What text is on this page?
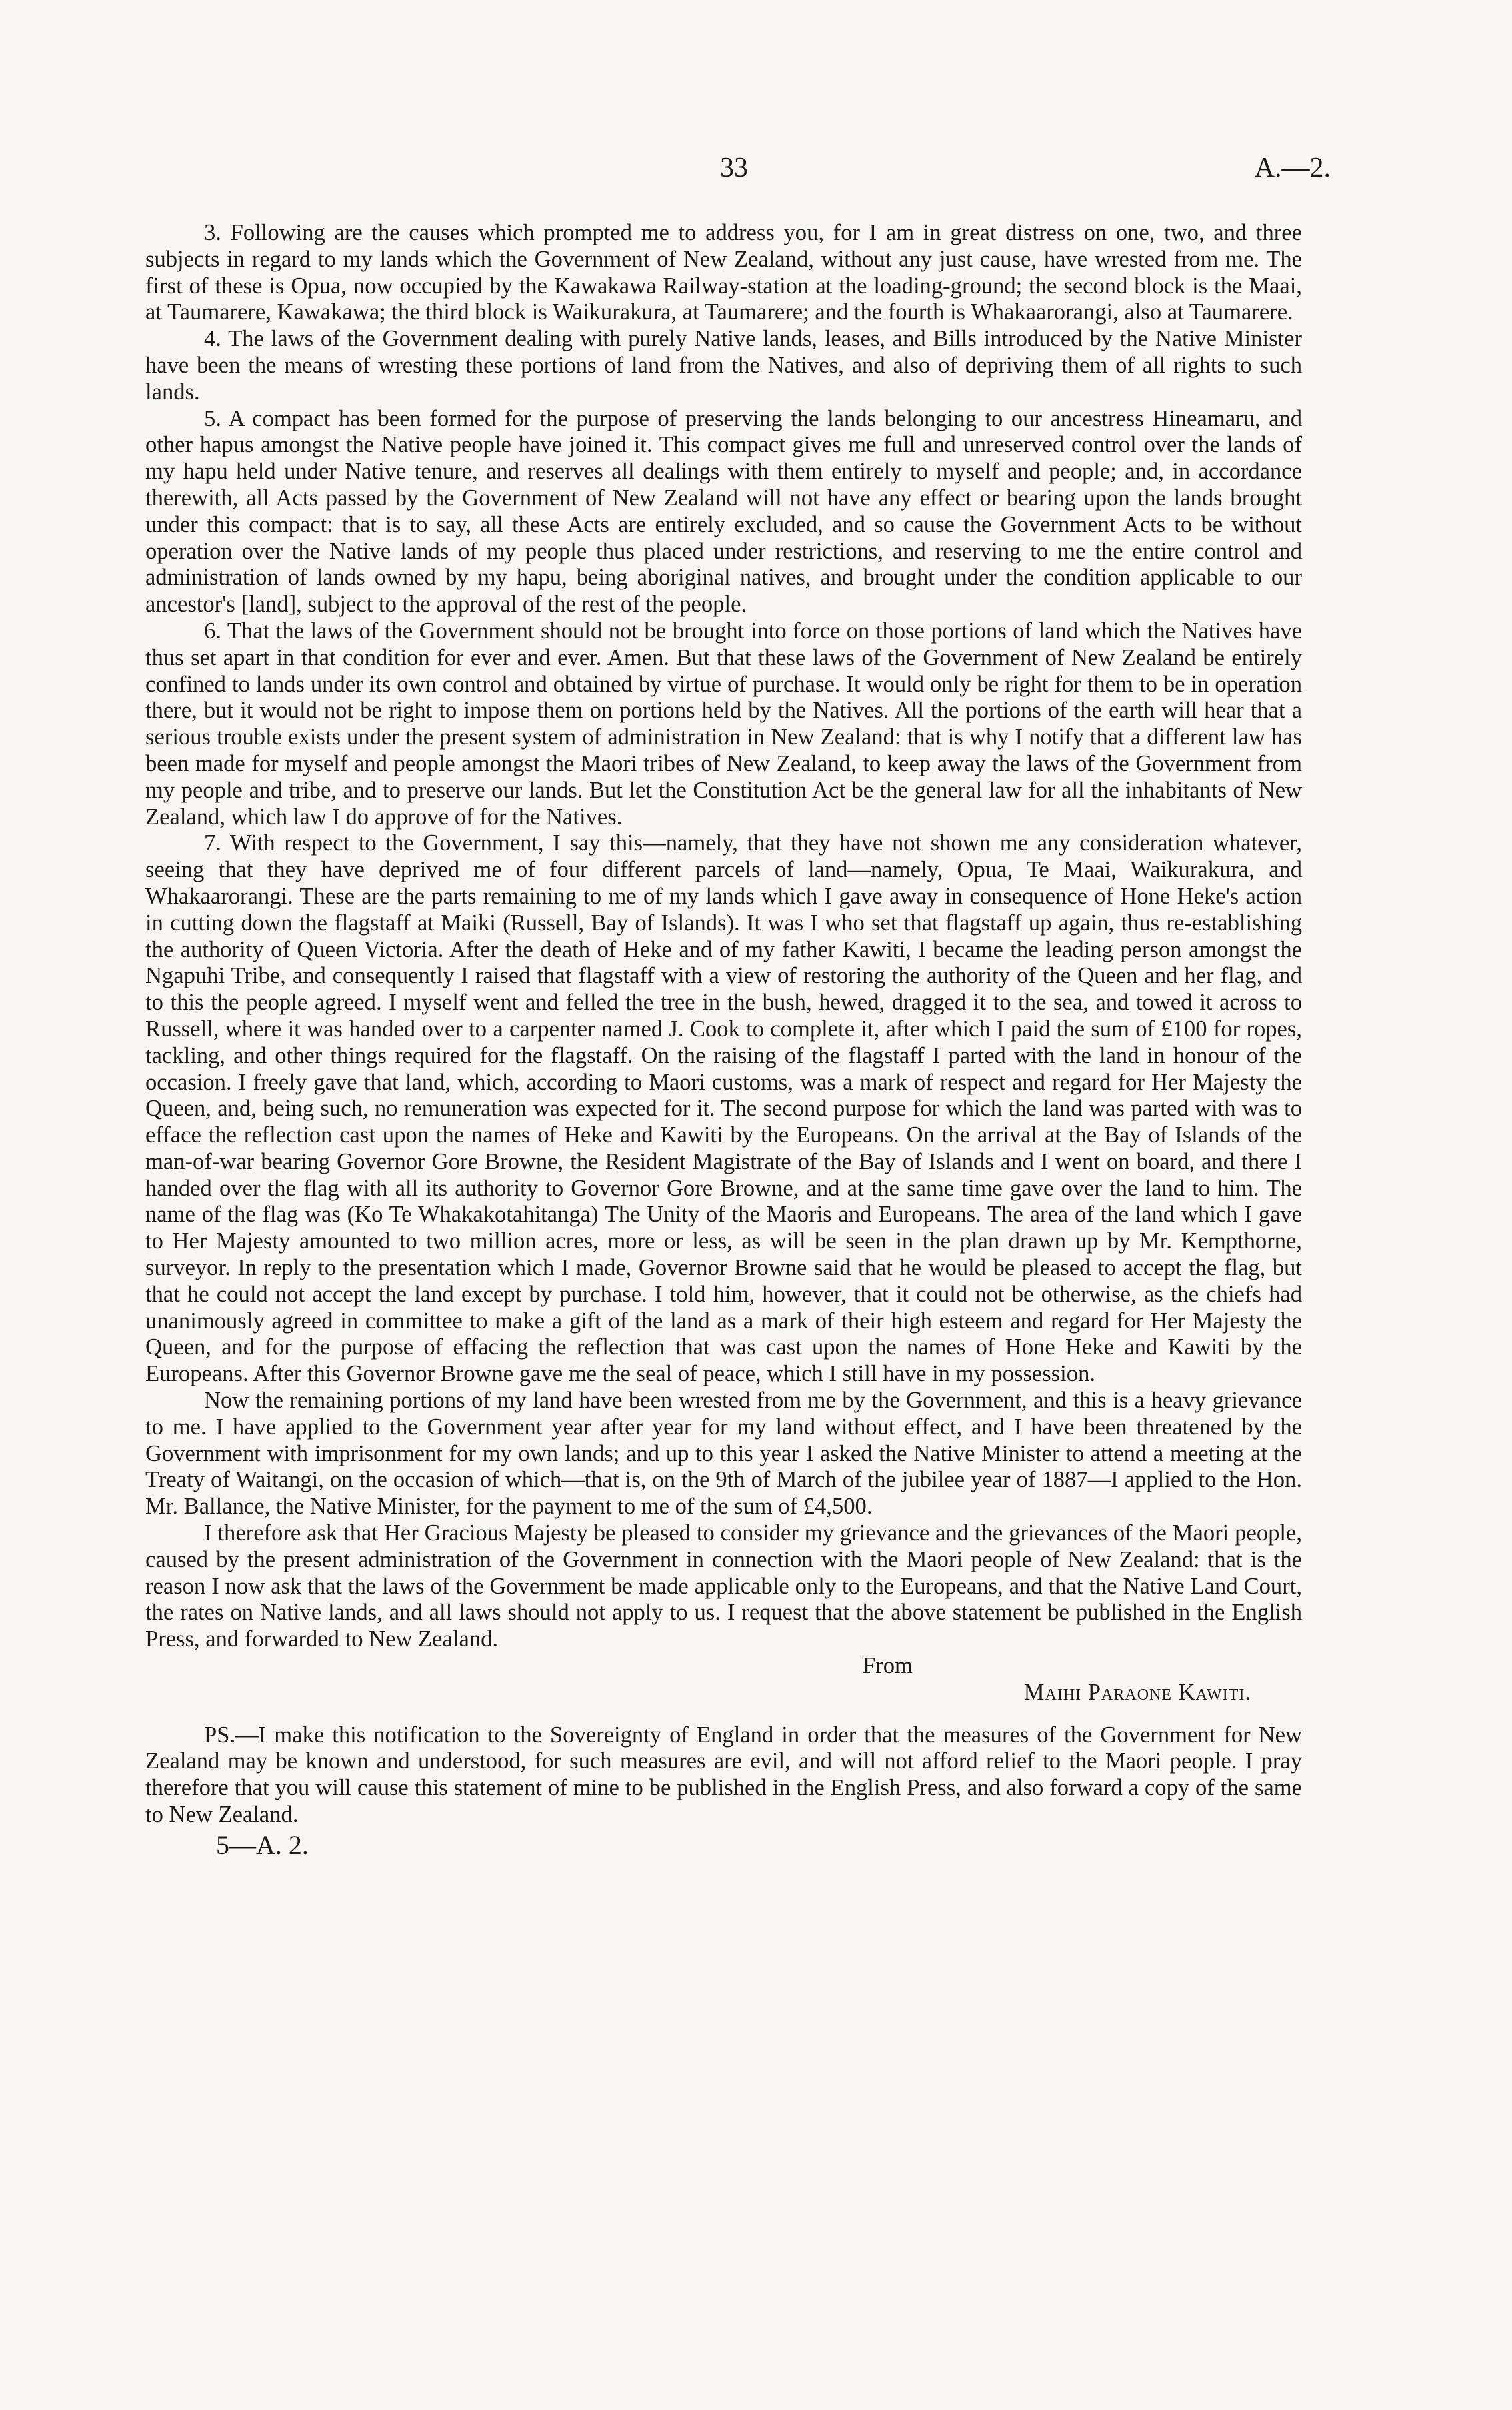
33	A.—2.

3. Following are the causes which prompted me to address you, for I am in great distress on one, two, and three subjects in regard to my lands which the Government of New Zealand, without any just cause, have wrested from me. The first of these is Opua, now occupied by the Kawakawa Railway-station at the loading-ground; the second block is the Maai, at Taumarere, Kawakawa; the third block is Waikurakura, at Taumarere; and the fourth is Whakaarorangi, also at Taumarere.

4. The laws of the Government dealing with purely Native lands, leases, and Bills introduced by the Native Minister have been the means of wresting these portions of land from the Natives, and also of depriving them of all rights to such lands.

5. A compact has been formed for the purpose of preserving the lands belonging to our ancestress Hineamaru, and other hapus amongst the Native people have joined it. This compact gives me full and unreserved control over the lands of my hapu held under Native tenure, and reserves all dealings with them entirely to myself and people; and, in accordance therewith, all Acts passed by the Government of New Zealand will not have any effect or bearing upon the lands brought under this compact: that is to say, all these Acts are entirely excluded, and so cause the Government Acts to be without operation over the Native lands of my people thus placed under restrictions, and reserving to me the entire control and administration of lands owned by my hapu, being aboriginal natives, and brought under the condition applicable to our ancestor's [land], subject to the approval of the rest of the people.

6. That the laws of the Government should not be brought into force on those portions of land which the Natives have thus set apart in that condition for ever and ever. Amen. But that these laws of the Government of New Zealand be entirely confined to lands under its own control and obtained by virtue of purchase. It would only be right for them to be in operation there, but it would not be right to impose them on portions held by the Natives. All the portions of the earth will hear that a serious trouble exists under the present system of administration in New Zealand: that is why I notify that a different law has been made for myself and people amongst the Maori tribes of New Zealand, to keep away the laws of the Government from my people and tribe, and to preserve our lands. But let the Constitution Act be the general law for all the inhabitants of New Zealand, which law I do approve of for the Natives.

7. With respect to the Government, I say this—namely, that they have not shown me any consideration whatever, seeing that they have deprived me of four different parcels of land—namely, Opua, Te Maai, Waikurakura, and Whakaarorangi. These are the parts remaining to me of my lands which I gave away in consequence of Hone Heke's action in cutting down the flagstaff at Maiki (Russell, Bay of Islands). It was I who set that flagstaff up again, thus re-establishing the authority of Queen Victoria. After the death of Heke and of my father Kawiti, I became the leading person amongst the Ngapuhi Tribe, and consequently I raised that flagstaff with a view of restoring the authority of the Queen and her flag, and to this the people agreed. I myself went and felled the tree in the bush, hewed, dragged it to the sea, and towed it across to Russell, where it was handed over to a carpenter named J. Cook to complete it, after which I paid the sum of £100 for ropes, tackling, and other things required for the flagstaff. On the raising of the flagstaff I parted with the land in honour of the occasion. I freely gave that land, which, according to Maori customs, was a mark of respect and regard for Her Majesty the Queen, and, being such, no remuneration was expected for it. The second purpose for which the land was parted with was to efface the reflection cast upon the names of Heke and Kawiti by the Europeans. On the arrival at the Bay of Islands of the man-of-war bearing Governor Gore Browne, the Resident Magistrate of the Bay of Islands and I went on board, and there I handed over the flag with all its authority to Governor Gore Browne, and at the same time gave over the land to him. The name of the flag was (Ko Te Whakakotahitanga) The Unity of the Maoris and Europeans. The area of the land which I gave to Her Majesty amounted to two million acres, more or less, as will be seen in the plan drawn up by Mr. Kempthorne, surveyor. In reply to the presentation which I made, Governor Browne said that he would be pleased to accept the flag, but that he could not accept the land except by purchase. I told him, however, that it could not be otherwise, as the chiefs had unanimously agreed in committee to make a gift of the land as a mark of their high esteem and regard for Her Majesty the Queen, and for the purpose of effacing the reflection that was cast upon the names of Hone Heke and Kawiti by the Europeans. After this Governor Browne gave me the seal of peace, which I still have in my possession.

Now the remaining portions of my land have been wrested from me by the Government, and this is a heavy grievance to me. I have applied to the Government year after year for my land without effect, and I have been threatened by the Government with imprisonment for my own lands; and up to this year I asked the Native Minister to attend a meeting at the Treaty of Waitangi, on the occasion of which—that is, on the 9th of March of the jubilee year of 1887—I applied to the Hon. Mr. Ballance, the Native Minister, for the payment to me of the sum of £4,500.

I therefore ask that Her Gracious Majesty be pleased to consider my grievance and the grievances of the Maori people, caused by the present administration of the Government in connection with the Maori people of New Zealand: that is the reason I now ask that the laws of the Government be made applicable only to the Europeans, and that the Native Land Court, the rates on Native lands, and all laws should not apply to us. I request that the above statement be published in the English Press, and forwarded to New Zealand.

From

Maihi Paraone Kawiti.

PS.—I make this notification to the Sovereignty of England in order that the measures of the Government for New Zealand may be known and understood, for such measures are evil, and will not afford relief to the Maori people. I pray therefore that you will cause this statement of mine to be published in the English Press, and also forward a copy of the same to New Zealand.

5—A. 2.
